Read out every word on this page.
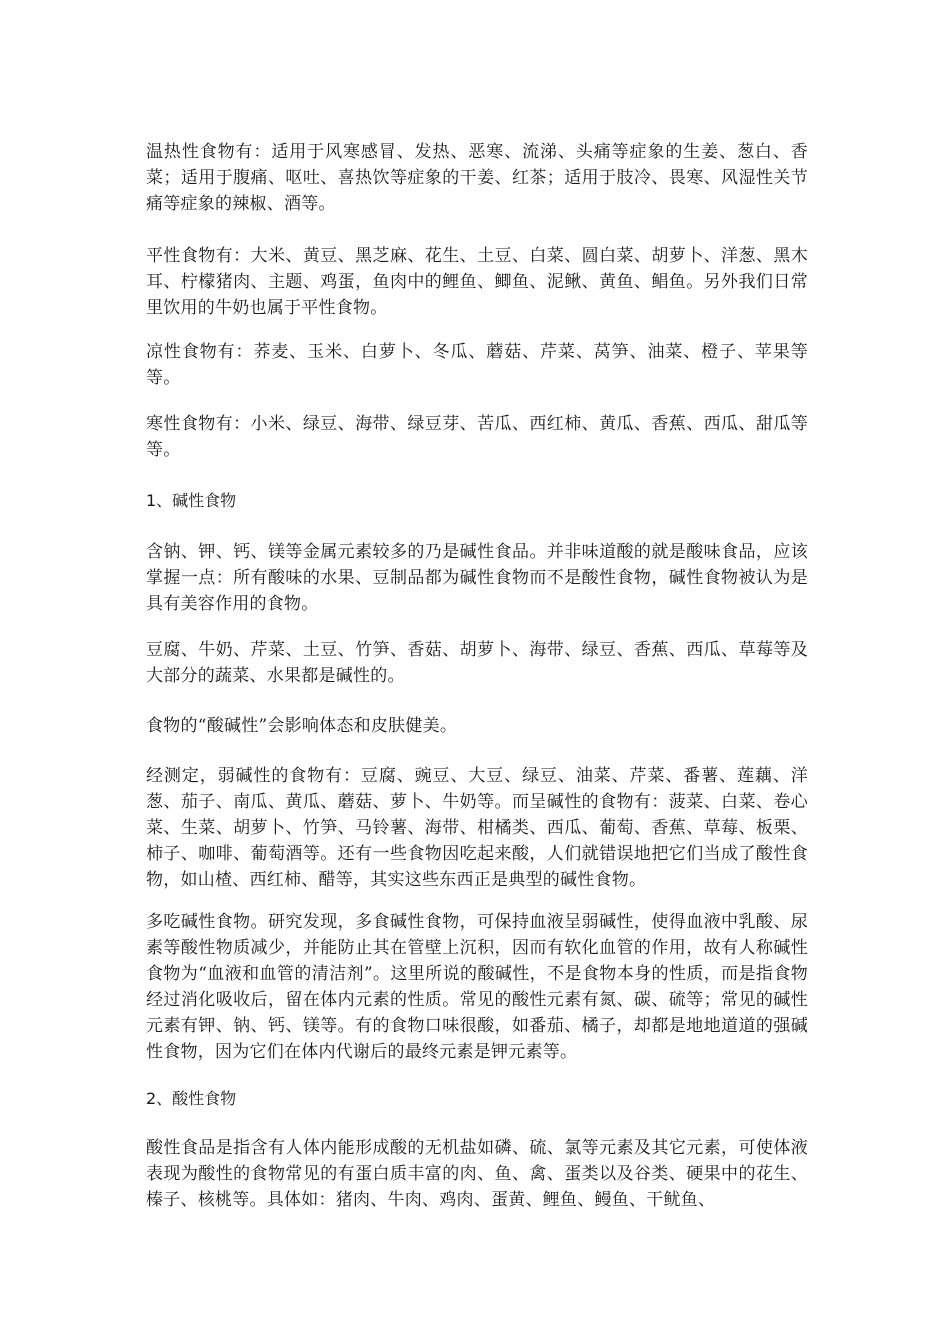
温热性食物有：适用于风寒感冒、发热、恶寒、流涕、头痛等症象的生姜、葱白、香菜；适用于腹痛、呕吐、喜热饮等症象的干姜、红茶；适用于肢冷、畏寒、风湿性关节痛等症象的辣椒、酒等。

平性食物有：大米、黄豆、黑芝麻、花生、土豆、白菜、圆白菜、胡萝卜、洋葱、黑木耳、柠檬猪肉、主题、鸡蛋，鱼肉中的鲤鱼、鲫鱼、泥鳅、黄鱼、鲳鱼。另外我们日常里饮用的牛奶也属于平性食物。

凉性食物有：荞麦、玉米、白萝卜、冬瓜、蘑菇、芹菜、莴笋、油菜、橙子、苹果等等。

寒性食物有：小米、绿豆、海带、绿豆芽、苦瓜、西红柿、黄瓜、香蕉、西瓜、甜瓜等等。

1、碱性食物

含钠、钾、钙、镁等金属元素较多的乃是碱性食品。并非味道酸的就是酸味食品，应该掌握一点：所有酸味的水果、豆制品都为碱性食物而不是酸性食物，碱性食物被认为是具有美容作用的食物。

豆腐、牛奶、芹菜、土豆、竹笋、香菇、胡萝卜、海带、绿豆、香蕉、西瓜、草莓等及大部分的蔬菜、水果都是碱性的。

食物的“酸碱性”会影响体态和皮肤健美。

经测定，弱碱性的食物有：豆腐、豌豆、大豆、绿豆、油菜、芹菜、番薯、莲藕、洋葱、茄子、南瓜、黄瓜、蘑菇、萝卜、牛奶等。而呈碱性的食物有：菠菜、白菜、卷心菜、生菜、胡萝卜、竹笋、马铃薯、海带、柑橘类、西瓜、葡萄、香蕉、草莓、板栗、柿子、咖啡、葡萄酒等。还有一些食物因吃起来酸，人们就错误地把它们当成了酸性食物，如山楂、西红柿、醋等，其实这些东西正是典型的碱性食物。

多吃碱性食物。研究发现，多食碱性食物，可保持血液呈弱碱性，使得血液中乳酸、尿素等酸性物质减少，并能防止其在管壁上沉积，因而有软化血管的作用，故有人称碱性食物为“血液和血管的清洁剂”。这里所说的酸碱性，不是食物本身的性质，而是指食物经过消化吸收后，留在体内元素的性质。常见的酸性元素有氮、碳、硫等；常见的碱性元素有钾、钠、钙、镁等。有的食物口味很酸，如番茄、橘子，却都是地地道道的强碱性食物，因为它们在体内代谢后的最终元素是钾元素等。

2、酸性食物

酸性食品是指含有人体内能形成酸的无机盐如磷、硫、氯等元素及其它元素，可使体液表现为酸性的食物常见的有蛋白质丰富的肉、鱼、禽、蛋类以及谷类、硬果中的花生、榛子、核桃等。具体如：猪肉、牛肉、鸡肉、蛋黄、鲤鱼、鳗鱼、干鱿鱼、
